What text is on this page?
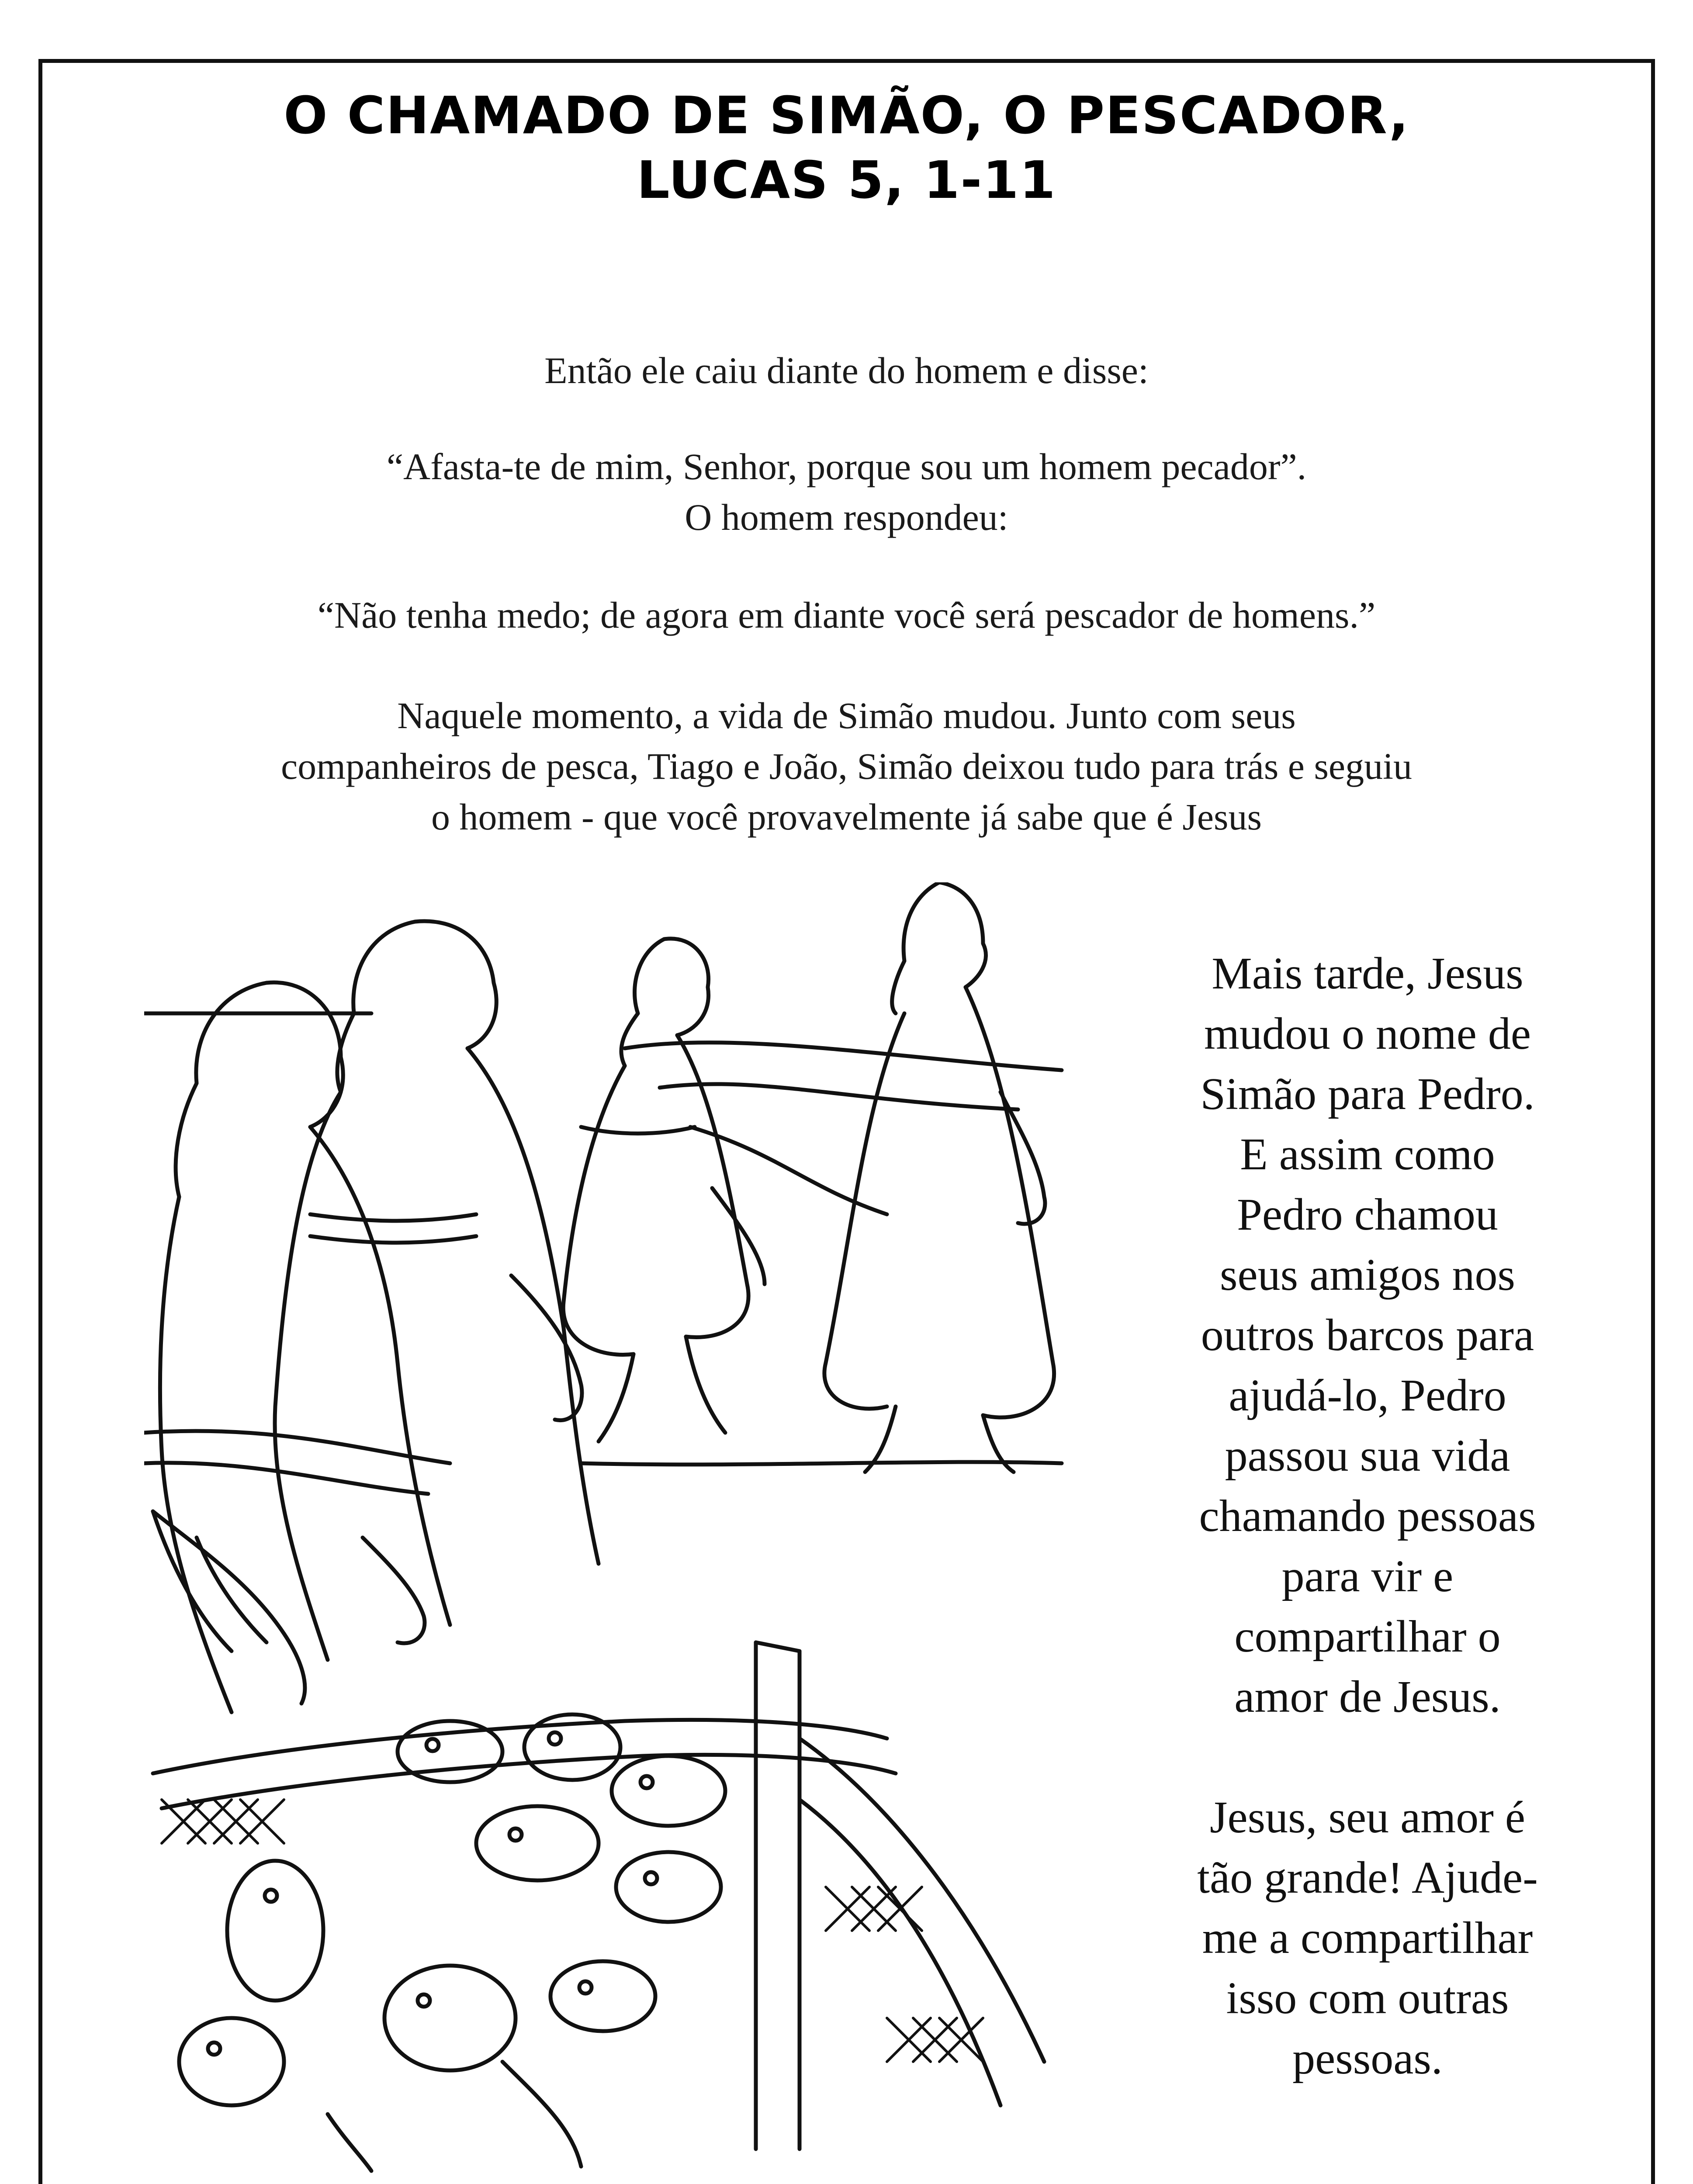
O CHAMADO DE SIMÃO, O PESCADOR,
LUCAS 5, 1-11
Então ele caiu diante do homem e disse:
“Afasta-te de mim, Senhor, porque sou um homem pecador”.
O homem respondeu:
“Não tenha medo; de agora em diante você será pescador de homens.”
Naquele momento, a vida de Simão mudou. Junto com seus
companheiros de pesca, Tiago e João, Simão deixou tudo para trás e seguiu
o homem - que você provavelmente já sabe que é Jesus
Mais tarde, Jesus
mudou o nome de
Simão para Pedro.
E assim como
Pedro chamou
seus amigos nos
outros barcos para
ajudá-lo, Pedro
passou sua vida
chamando pessoas
para vir e
compartilhar o
amor de Jesus.

Jesus, seu amor é
tão grande! Ajude-
me a compartilhar
isso com outras
pessoas.
